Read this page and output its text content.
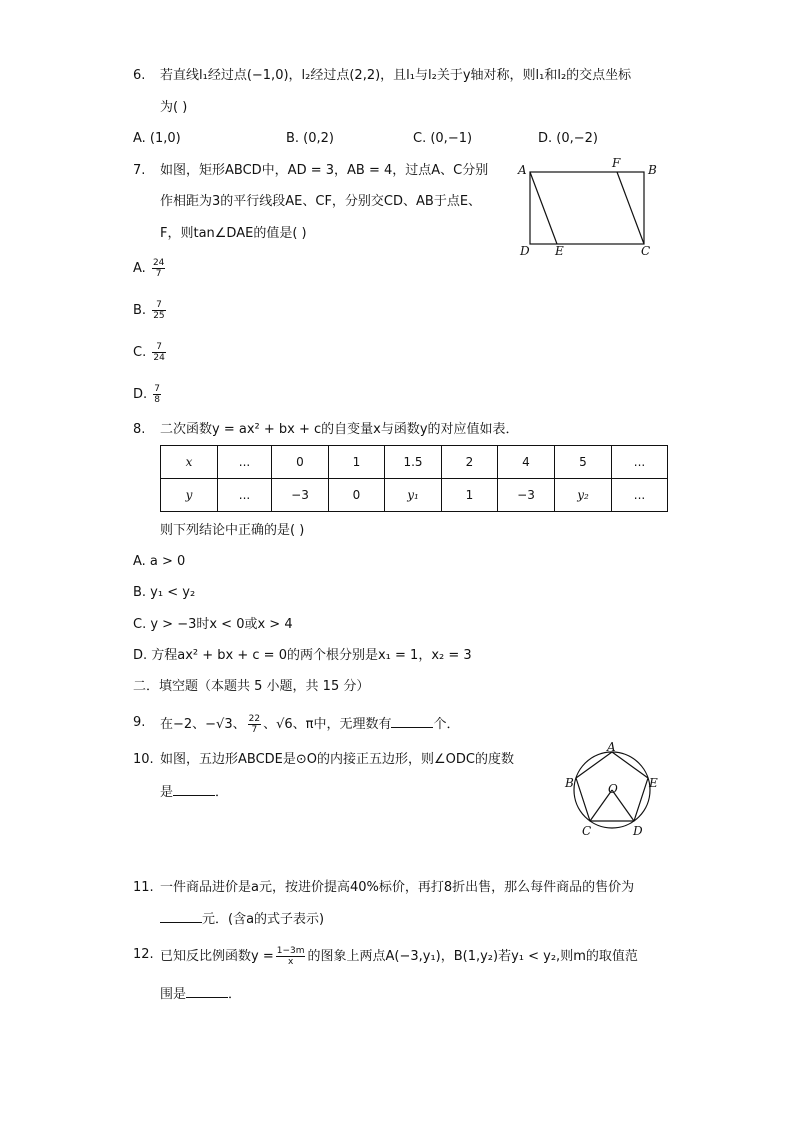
6. 若直线l₁经过点(−1,0)，l₂经过点(2,2)，且l₁与l₂关于y轴对称，则l₁和l₂的交点坐标
为( )
A. (1,0)	B. (0,2)	C. (0,−1)	D. (0,−2)
7. 如图，矩形ABCD中，AD = 3，AB = 4，过点A、C分别
作相距为3的平行线段AE、CF，分别交CD、AB于点E、
F，则tan∠DAE的值是( )
A. $\frac{24}{7}$
B. $\frac{7}{25}$
C. $\frac{7}{24}$
D. $\frac{7}{8}$
A	F B
D E	C
8. 二次函数y = ax² + bx + c的自变量x与函数y的对应值如表．
x	...	0	1	1.5	2	4	5	...
y	...	−3	0	y₁	1	−3	y₂	...
则下列结论中正确的是( )
A. a > 0
B. y₁ < y₂
C. y > −3时x < 0或x > 4
D. 方程ax² + bx + c = 0的两个根分别是x₁ = 1，x₂ = 3
二．填空题（本题共 5 小题，共 15 分）
9. 在−2、−√3、 $\frac{22}{7}$ 、√6、π中，无理数有	个．
10. 如图，五边形ABCDE是⊙O的内接正五边形，则∠ODC的度数
是	．
A
B	E
O
C	D
11. 一件商品进价是a元，按进价提高40%标价，再打8折出售，那么每件商品的售价为
元．(含a的式子表示)
12. 已知反比例函数$y = \frac{1-3m}{x}$ 的图象上两点A(−3,y₁)，B(1,y₂)若y₁ < y₂,则m的取值范
围是	．
